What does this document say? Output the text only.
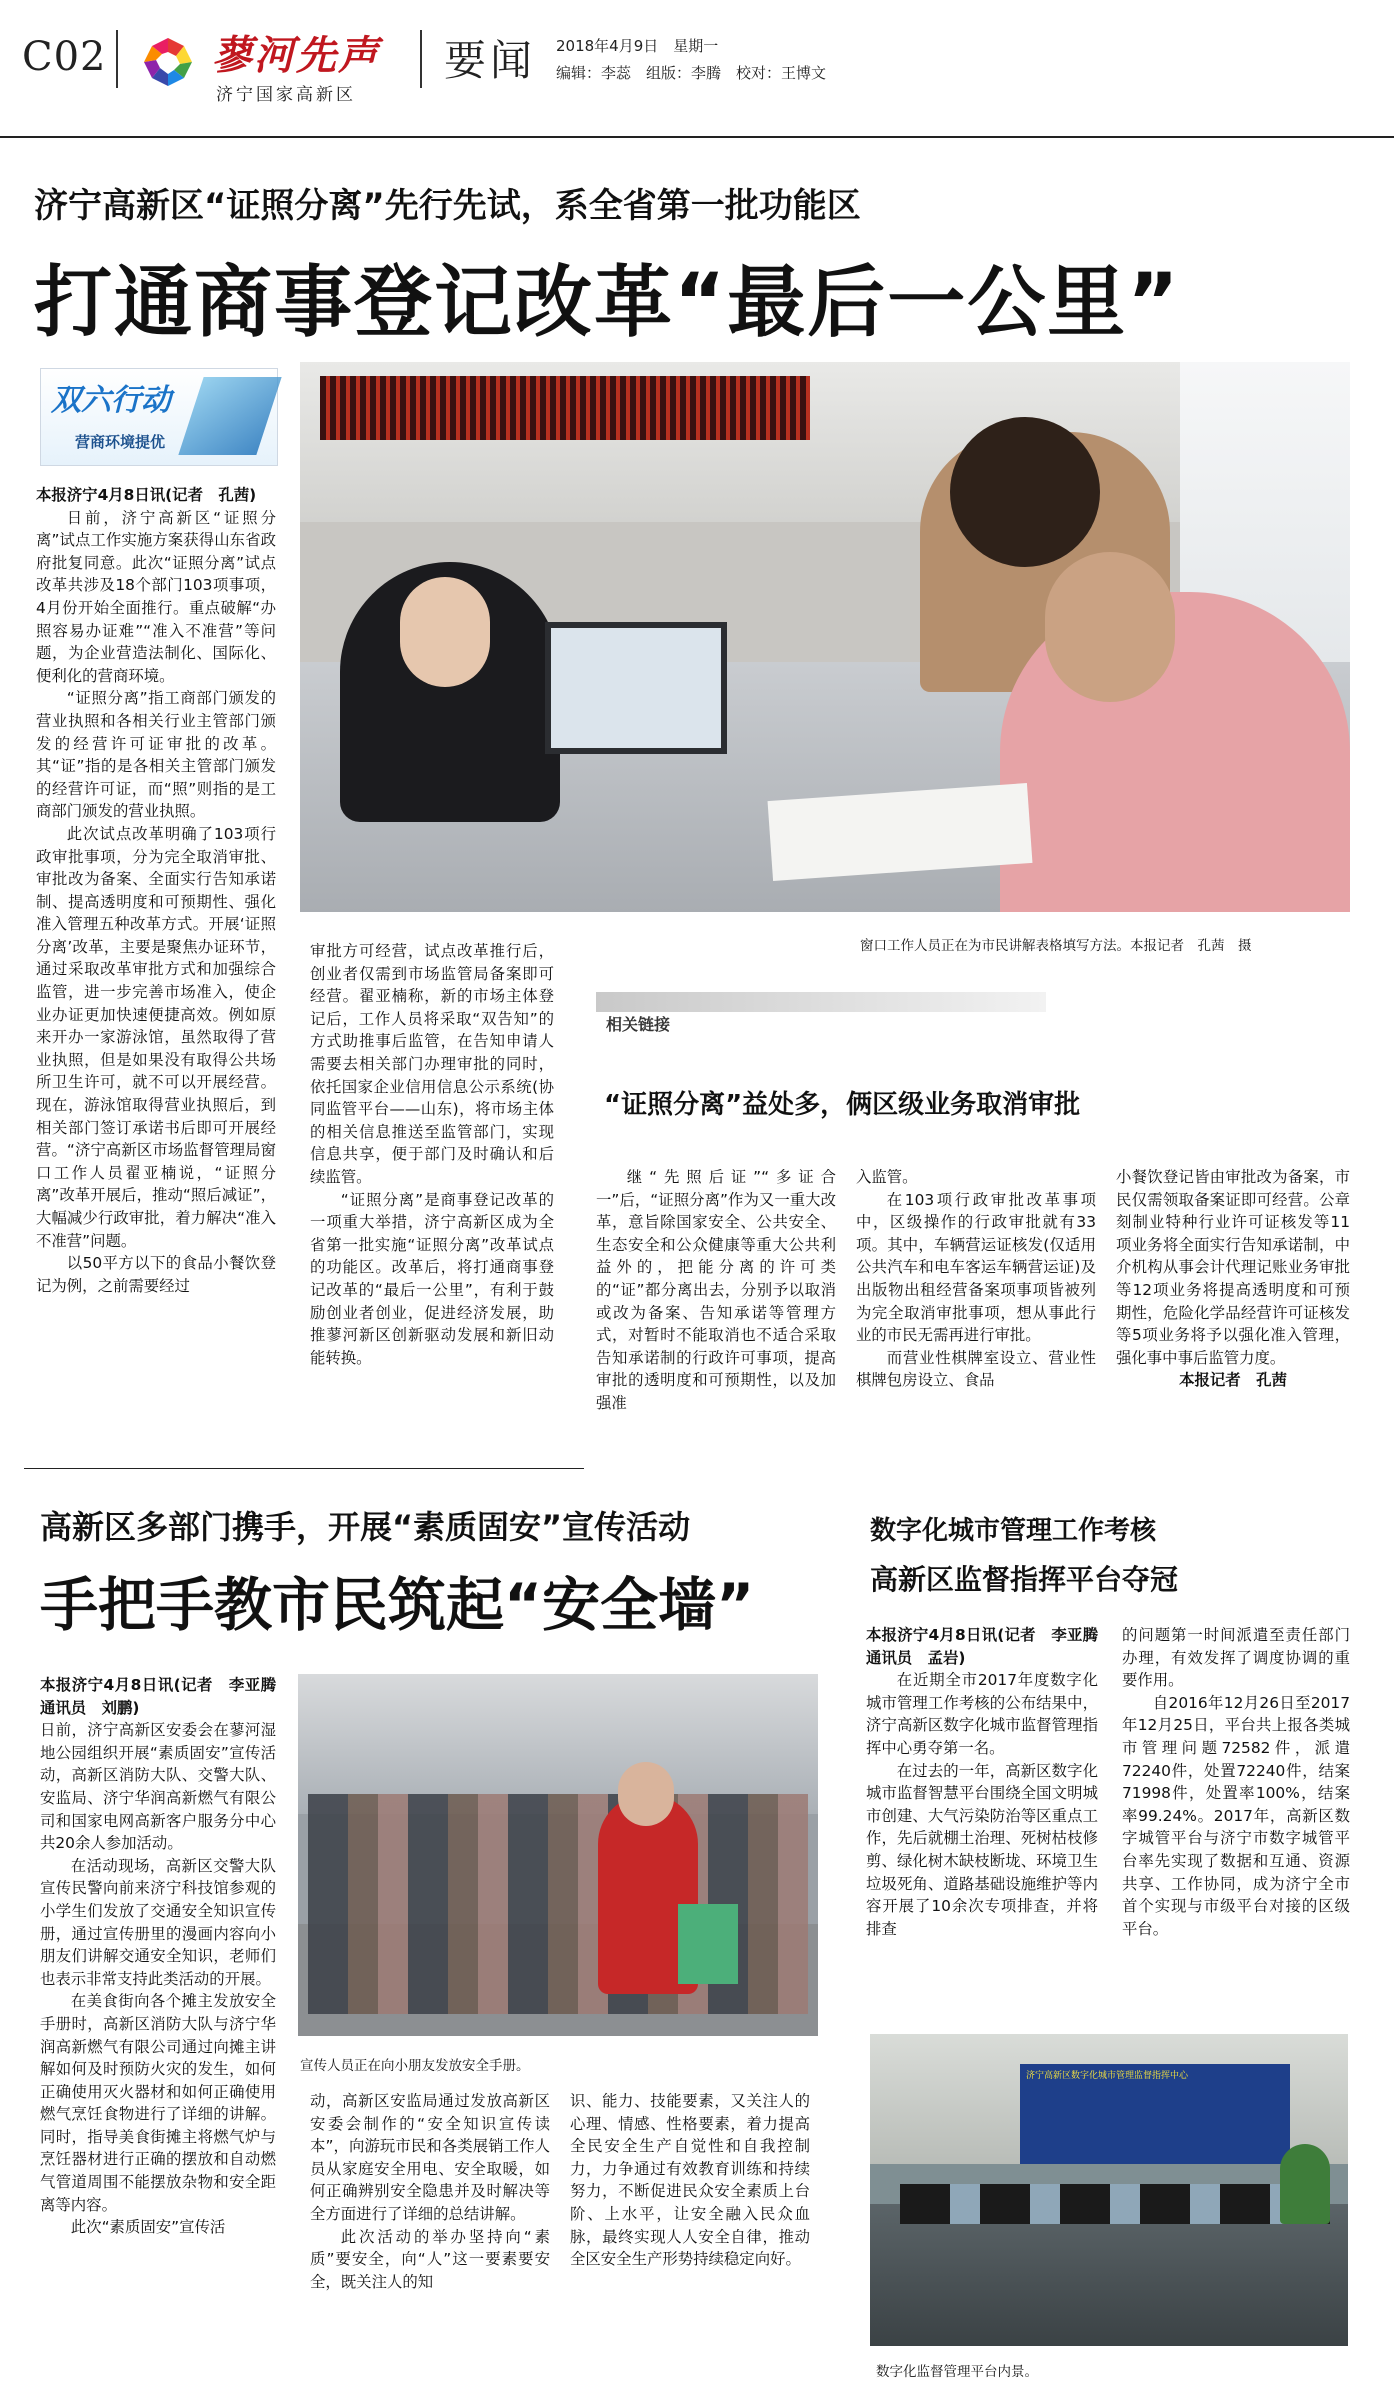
C02	蓼河先声
济宁国家高新区
要闻 2018年4月9日　星期一
编辑：李蕊　组版：李腾　校对：王博文
济宁高新区“证照分离”先行先试，系全省第一批功能区
打通商事登记改革“最后一公里”
双六行动
营商环境提优

本报济宁4月8日讯(记者　孔茜)

日前，济宁高新区“证照分离”试点工作实施方案获得山东省政府批复同意。此次“证照分离”试点改革共涉及18个部门103项事项，4月份开始全面推行。重点破解“办照容易办证难”“准入不准营”等问题，为企业营造法制化、国际化、便利化的营商环境。

“证照分离”指工商部门颁发的营业执照和各相关行业主管部门颁发的经营许可证审批的改革。其“证”指的是各相关主管部门颁发的经营许可证，而“照”则指的是工商部门颁发的营业执照。

此次试点改革明确了103项行政审批事项，分为完全取消审批、审批改为备案、全面实行告知承诺制、提高透明度和可预期性、强化准入管理五种改革方式。开展‘证照分离’改革，主要是聚焦办证环节，通过采取改革审批方式和加强综合监管，进一步完善市场准入，使企业办证更加快速便捷高效。例如原来开办一家游泳馆，虽然取得了营业执照，但是如果没有取得公共场所卫生许可，就不可以开展经营。现在，游泳馆取得营业执照后，到相关部门签订承诺书后即可开展经营。“济宁高新区市场监督管理局窗口工作人员翟亚楠说，“证照分离”改革开展后，推动“照后减证”，大幅减少行政审批，着力解决“准入不准营”问题。

以50平方以下的食品小餐饮登记为例，之前需要经过

窗口工作人员正在为市民讲解表格填写方法。本报记者　孔茜　摄

审批方可经营，试点改革推行后，创业者仅需到市场监管局备案即可经营。翟亚楠称，新的市场主体登记后，工作人员将采取“双告知”的方式助推事后监管，在告知申请人需要去相关部门办理审批的同时，依托国家企业信用信息公示系统(协同监管平台——山东)，将市场主体的相关信息推送至监管部门，实现信息共享，便于部门及时确认和后续监管。

“证照分离”是商事登记改革的一项重大举措，济宁高新区成为全省第一批实施“证照分离”改革试点的功能区。改革后，将打通商事登记改革的“最后一公里”，有利于鼓励创业者创业，促进经济发展，助推蓼河新区创新驱动发展和新旧动能转换。

相关链接
“证照分离”益处多，俩区级业务取消审批

继“先照后证”“多证合一”后，“证照分离”作为又一重大改革，意旨除国家安全、公共安全、生态安全和公众健康等重大公共利益外的，把能分离的许可类的“证”都分离出去，分别予以取消或改为备案、告知承诺等管理方式，对暂时不能取消也不适合采取告知承诺制的行政许可事项，提高审批的透明度和可预期性，以及加强准

入监管。

在103项行政审批改革事项中，区级操作的行政审批就有33项。其中，车辆营运证核发(仅适用公共汽车和电车客运车辆营运证)及出版物出租经营备案项事项皆被列为完全取消审批事项，想从事此行业的市民无需再进行审批。

而营业性棋牌室设立、营业性棋牌包房设立、食品

小餐饮登记皆由审批改为备案，市民仅需领取备案证即可经营。公章刻制业特种行业许可证核发等11项业务将全面实行告知承诺制，中介机构从事会计代理记账业务审批等12项业务将提高透明度和可预期性，危险化学品经营许可证核发等5项业务将予以强化准入管理，强化事中事后监管力度。

本报记者　孔茜

高新区多部门携手，开展“素质固安”宣传活动
手把手教市民筑起“安全墙”

本报济宁4月8日讯(记者　李亚腾　通讯员　刘鹏)

日前，济宁高新区安委会在蓼河湿地公园组织开展“素质固安”宣传活动，高新区消防大队、交警大队、安监局、济宁华润高新燃气有限公司和国家电网高新客户服务分中心共20余人参加活动。

在活动现场，高新区交警大队宣传民警向前来济宁科技馆参观的小学生们发放了交通安全知识宣传册，通过宣传册里的漫画内容向小朋友们讲解交通安全知识，老师们也表示非常支持此类活动的开展。

在美食街向各个摊主发放安全手册时，高新区消防大队与济宁华润高新燃气有限公司通过向摊主讲解如何及时预防火灾的发生，如何正确使用灭火器材和如何正确使用燃气烹饪食物进行了详细的讲解。同时，指导美食街摊主将燃气炉与烹饪器材进行正确的摆放和自动燃气管道周围不能摆放杂物和安全距离等内容。

此次“素质固安”宣传活

宣传人员正在向小朋友发放安全手册。

动，高新区安监局通过发放高新区安委会制作的“安全知识宣传读本”，向游玩市民和各类展销工作人员从家庭安全用电、安全取暖，如何正确辨别安全隐患并及时解决等全方面进行了详细的总结讲解。

此次活动的举办坚持向“素质”要安全，向“人”这一要素要安全，既关注人的知

识、能力、技能要素，又关注人的心理、情感、性格要素，着力提高全民安全生产自觉性和自我控制力，力争通过有效教育训练和持续努力，不断促进民众安全素质上台阶、上水平，让安全融入民众血脉，最终实现人人安全自律，推动全区安全生产形势持续稳定向好。

数字化城市管理工作考核
高新区监督指挥平台夺冠

本报济宁4月8日讯(记者　李亚腾　通讯员　孟岩)

在近期全市2017年度数字化城市管理工作考核的公布结果中，济宁高新区数字化城市监督管理指挥中心勇夺第一名。

在过去的一年，高新区数字化城市监督智慧平台围绕全国文明城市创建、大气污染防治等区重点工作，先后就棚土治理、死树枯枝修剪、绿化树木缺枝断垅、环境卫生垃圾死角、道路基础设施维护等内容开展了10余次专项排查，并将排查

的问题第一时间派遣至责任部门办理，有效发挥了调度协调的重要作用。

自2016年12月26日至2017年12月25日，平台共上报各类城市管理问题72582件，派遣72240件，处置72240件，结案71998件，处置率100%，结案率99.24%。2017年，高新区数字城管平台与济宁市数字城管平台率先实现了数据和互通、资源共享、工作协同，成为济宁全市首个实现与市级平台对接的区级平台。

济宁高新区数字化城市管理监督指挥中心
数字化监督管理平台内景。
